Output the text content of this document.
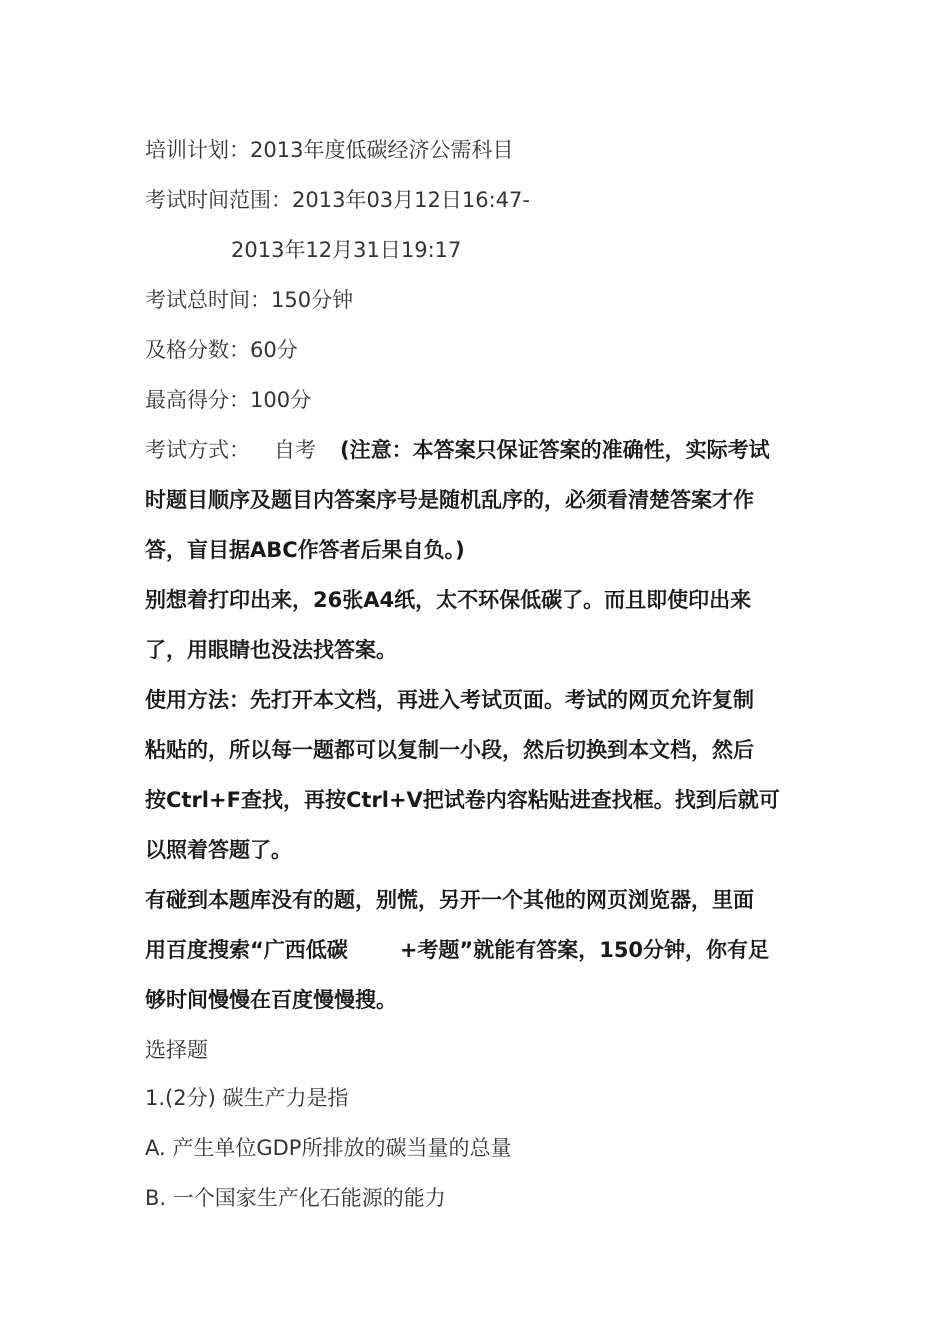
培训计划：2013年度低碳经济公需科目
考试时间范围：2013年03月12日16:47-
2013年12月31日19:17
考试总时间：150分钟
及格分数：60分
最高得分：100分
考试方式： 自考 (注意：本答案只保证答案的准确性，实际考试
时题目顺序及题目内答案序号是随机乱序的，必须看清楚答案才作
答，盲目据ABC作答者后果自负。)
别想着打印出来，26张A4纸，太不环保低碳了。而且即使印出来
了，用眼睛也没法找答案。
使用方法：先打开本文档，再进入考试页面。考试的网页允许复制
粘贴的，所以每一题都可以复制一小段，然后切换到本文档，然后
按Ctrl+F查找，再按Ctrl+V把试卷内容粘贴进查找框。找到后就可
以照着答题了。
有碰到本题库没有的题，别慌，另开一个其他的网页浏览器，里面
用百度搜索“广西低碳 +考题”就能有答案，150分钟，你有足
够时间慢慢在百度慢慢搜。
选择题
1.(2分) 碳生产力是指
A. 产生单位GDP所排放的碳当量的总量
B. 一个国家生产化石能源的能力
